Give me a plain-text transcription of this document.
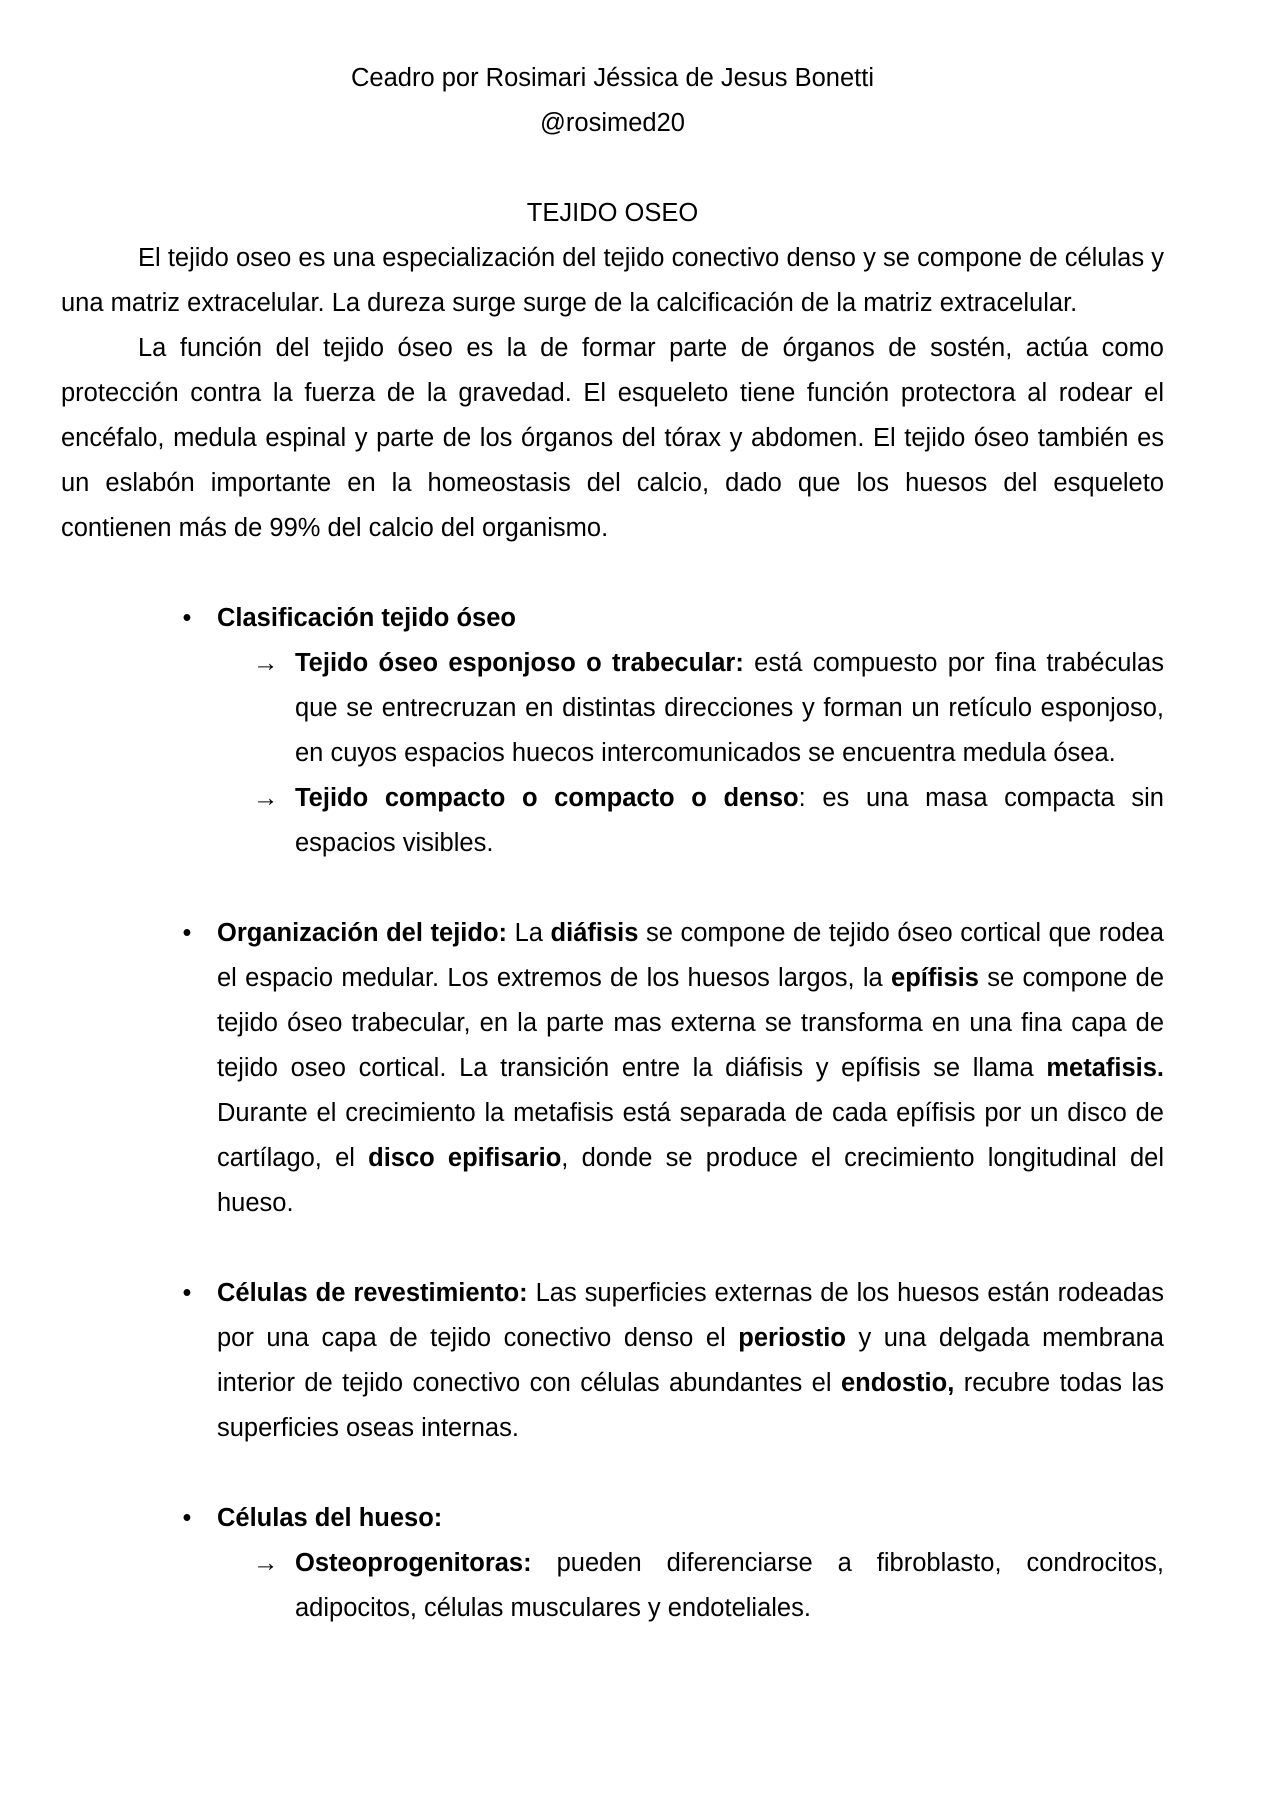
Ceadro por Rosimari Jéssica de Jesus Bonetti
@rosimed20
TEJIDO OSEO

El tejido oseo es una especialización del tejido conectivo denso y se compone de células y una matriz extracelular. La dureza surge surge de la calcificación de la matriz extracelular.

La función del tejido óseo es la de formar parte de órganos de sostén, actúa como protección contra la fuerza de la gravedad. El esqueleto tiene función protectora al rodear el encéfalo, medula espinal y parte de los órganos del tórax y abdomen. El tejido óseo también es un eslabón importante en la homeostasis del calcio, dado que los huesos del esqueleto contienen más de 99% del calcio del organismo.

• Clasificación tejido óseo
→ Tejido óseo esponjoso o trabecular: está compuesto por fina trabéculas que se entrecruzan en distintas direcciones y forman un retículo esponjoso, en cuyos espacios huecos intercomunicados se encuentra medula ósea.
→ Tejido compacto o compacto o denso: es una masa compacta sin espacios visibles.
• Organización del tejido: La diáfisis se compone de tejido óseo cortical que rodea el espacio medular. Los extremos de los huesos largos, la epífisis se compone de tejido óseo trabecular, en la parte mas externa se transforma en una fina capa de tejido oseo cortical. La transición entre la diáfisis y epífisis se llama metafisis. Durante el crecimiento la metafisis está separada de cada epífisis por un disco de cartílago, el disco epifisario, donde se produce el crecimiento longitudinal del hueso.
• Células de revestimiento: Las superficies externas de los huesos están rodeadas por una capa de tejido conectivo denso el periostio y una delgada membrana interior de tejido conectivo con células abundantes el endostio, recubre todas las superficies oseas internas.
• Células del hueso:
→ Osteoprogenitoras: pueden diferenciarse a fibroblasto, condrocitos, adipocitos, células musculares y endoteliales.
